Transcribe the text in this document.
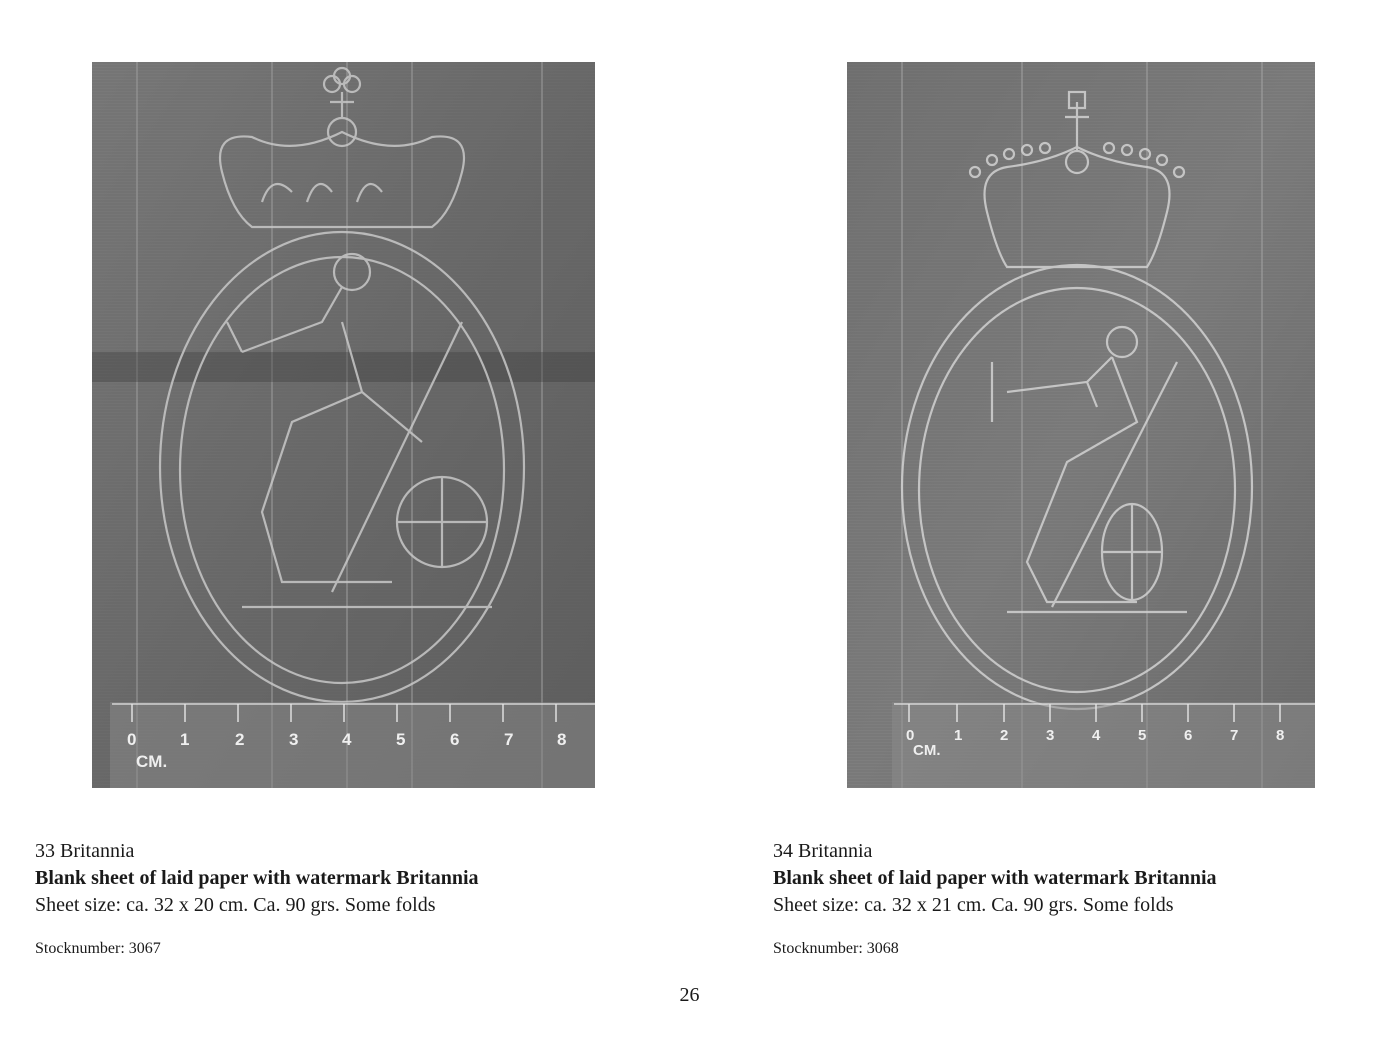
0	1	2	3	4	5	6	7	8
CM.
33 Britannia
Blank sheet of laid paper with watermark Britannia
Sheet size: ca. 32 x 20 cm. Ca. 90 grs. Some folds
Stocknumber: 3067
0	1	2	3	4	5	6	7	8
CM.
34 Britannia
Blank sheet of laid paper with watermark Britannia
Sheet size: ca. 32 x 21 cm. Ca. 90 grs. Some folds
Stocknumber: 3068
26
